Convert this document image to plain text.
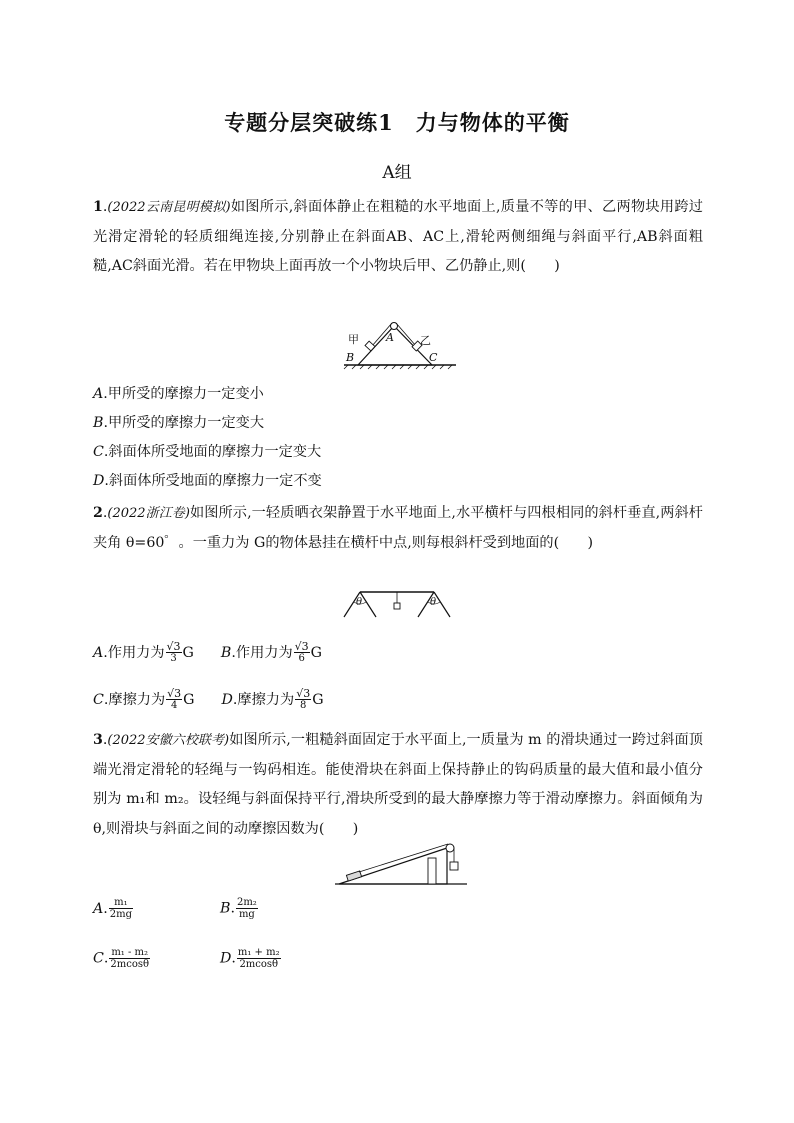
专题分层突破练1　力与物体的平衡
A组
1.(2022云南昆明模拟)如图所示,斜面体静止在粗糙的水平地面上,质量不等的甲、乙两物块用跨过光滑定滑轮的轻质细绳连接,分别静止在斜面AB、AC上,滑轮两侧细绳与斜面平行,AB斜面粗糙,AC斜面光滑。若在甲物块上面再放一个小物块后甲、乙仍静止,则(　　)
甲	乙
A
B	C
A.甲所受的摩擦力一定变小
B.甲所受的摩擦力一定变大
C.斜面体所受地面的摩擦力一定变大
D.斜面体所受地面的摩擦力一定不变
2.(2022浙江卷)如图所示,一轻质晒衣架静置于水平地面上,水平横杆与四根相同的斜杆垂直,两斜杆夹角 θ=60゜。一重力为 G的物体悬挂在横杆中点,则每根斜杆受到地面的(　　)
θ	θ
A.作用力为 $\frac{√3}{3}$ G B.作用力为 $\frac{√3}{6}$ G
C.摩擦力为 $\frac{√3}{4}$ G D.摩擦力为 $\frac{√3}{8}$ G
3.(2022安徽六校联考)如图所示,一粗糙斜面固定于水平面上,一质量为 m 的滑块通过一跨过斜面顶端光滑定滑轮的轻绳与一钩码相连。能使滑块在斜面上保持静止的钩码质量的最大值和最小值分别为 m₁和 m₂。设轻绳与斜面保持平行,滑块所受到的最大静摩擦力等于滑动摩擦力。斜面倾角为 θ,则滑块与斜面之间的动摩擦因数为(　　)
A. $\frac{\text{m₁}}{2mg}$	B. $\frac{\text{2m₂}}{mg}$
C. $\frac{\text{m₁ - m₂}}{2mcos\theta}$	D. $\frac{\text{m₁ + m₂}}{2mcos\theta}$
